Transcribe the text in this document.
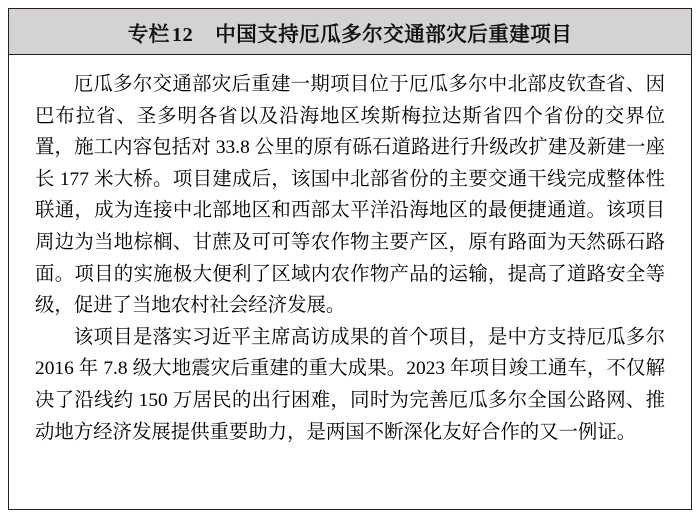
专栏12 中国支持厄瓜多尔交通部灾后重建项目

厄瓜多尔交通部灾后重建一期项目位于厄瓜多尔中北部皮钦查省、因巴布拉省、圣多明各省以及沿海地区埃斯梅拉达斯省四个省份的交界位置，施工内容包括对 33.8 公里的原有砾石道路进行升级改扩建及新建一座长 177 米大桥。项目建成后，该国中北部省份的主要交通干线完成整体性联通，成为连接中北部地区和西部太平洋沿海地区的最便捷通道。该项目周边为当地棕榈、甘蔗及可可等农作物主要产区，原有路面为天然砾石路面。项目的实施极大便利了区域内农作物产品的运输，提高了道路安全等级，促进了当地农村社会经济发展。

该项目是落实习近平主席高访成果的首个项目，是中方支持厄瓜多尔 2016 年 7.8 级大地震灾后重建的重大成果。2023 年项目竣工通车，不仅解决了沿线约 150 万居民的出行困难，同时为完善厄瓜多尔全国公路网、推动地方经济发展提供重要助力，是两国不断深化友好合作的又一例证。
